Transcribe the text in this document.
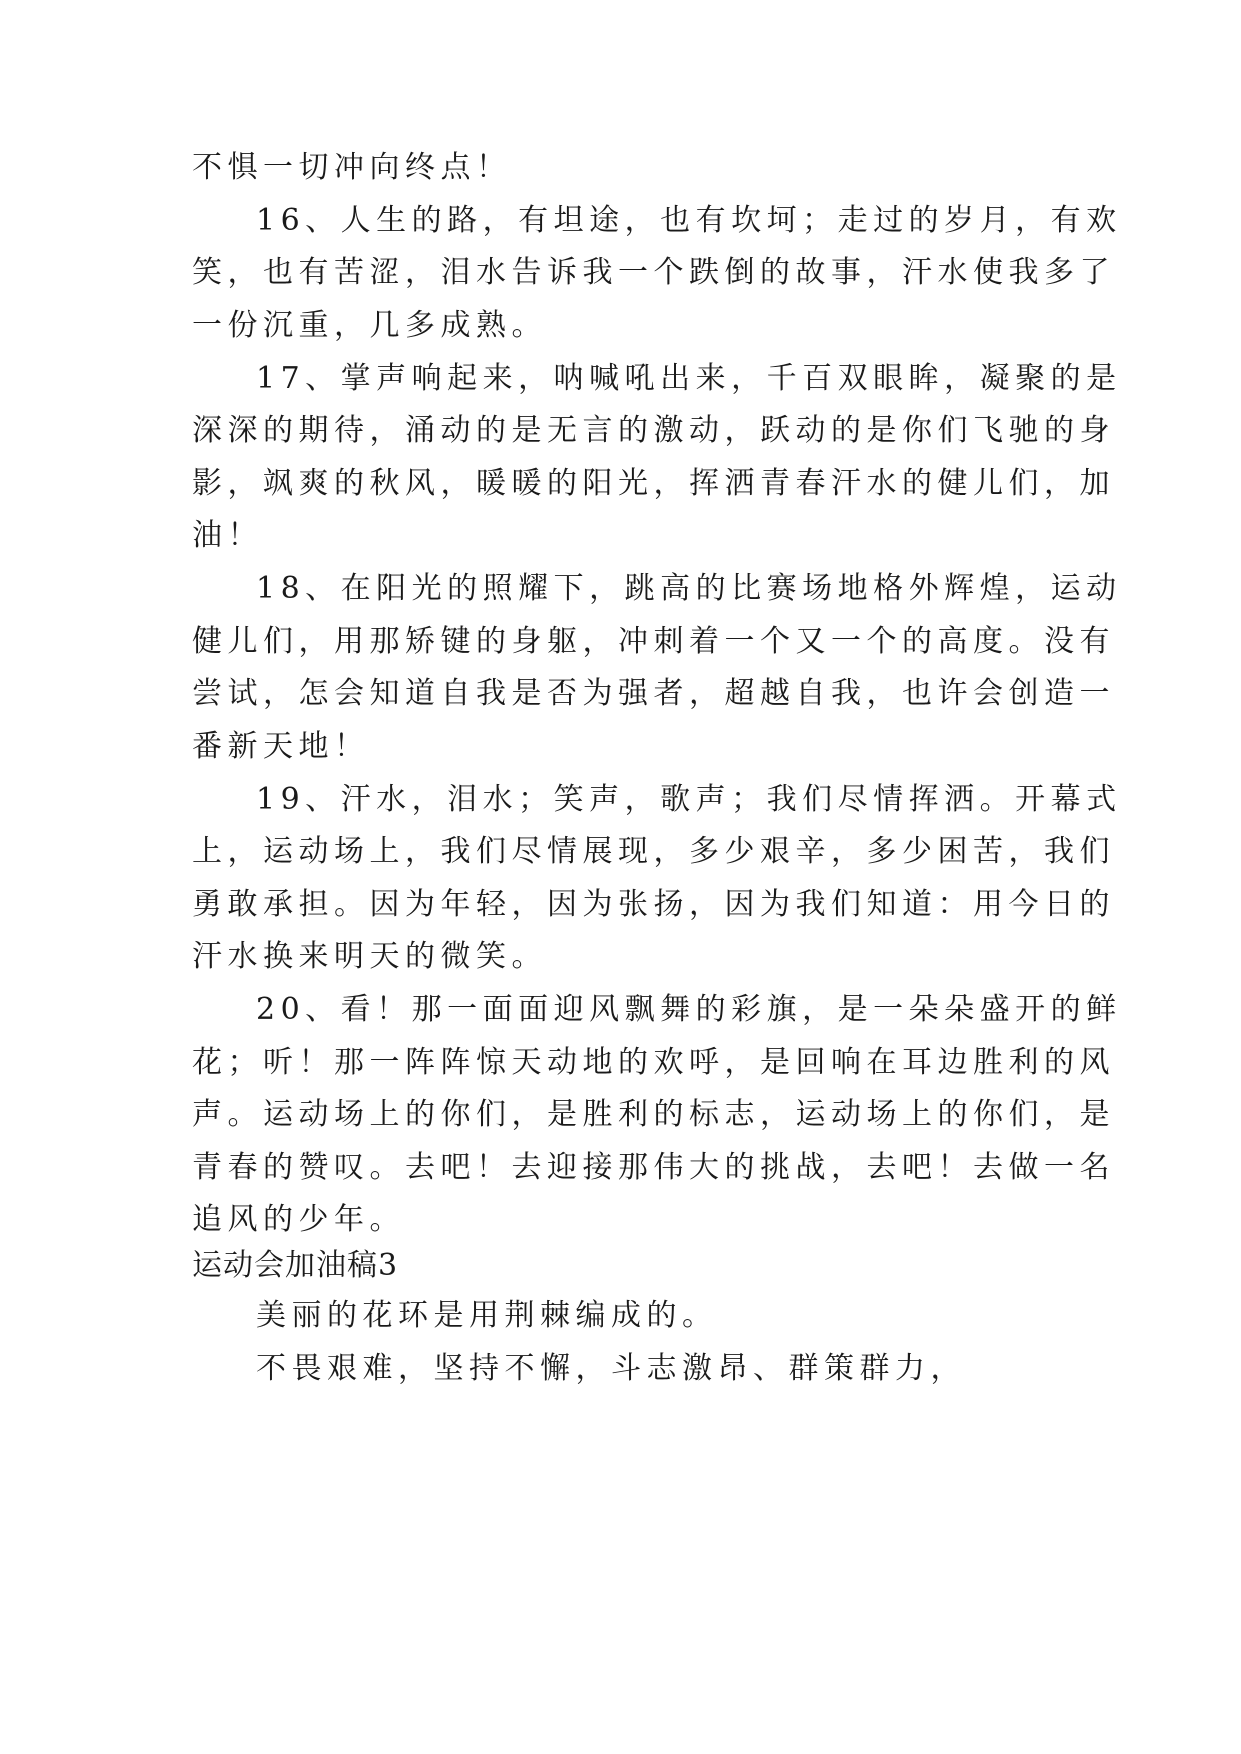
不惧一切冲向终点！
16、人生的路，有坦途，也有坎坷；走过的岁月，有欢
笑，也有苦涩，泪水告诉我一个跌倒的故事，汗水使我多了
一份沉重，几多成熟。
17、掌声响起来，呐喊吼出来，千百双眼眸，凝聚的是
深深的期待，涌动的是无言的激动，跃动的是你们飞驰的身
影，飒爽的秋风，暖暖的阳光，挥洒青春汗水的健儿们，加
油！
18、在阳光的照耀下，跳高的比赛场地格外辉煌，运动
健儿们，用那矫键的身躯，冲刺着一个又一个的高度。没有
尝试，怎会知道自我是否为强者，超越自我，也许会创造一
番新天地！
19、汗水，泪水；笑声，歌声；我们尽情挥洒。开幕式
上，运动场上，我们尽情展现，多少艰辛，多少困苦，我们
勇敢承担。因为年轻，因为张扬，因为我们知道：用今日的
汗水换来明天的微笑。
20、看！那一面面迎风飘舞的彩旗，是一朵朵盛开的鲜
花；听！那一阵阵惊天动地的欢呼，是回响在耳边胜利的风
声。运动场上的你们，是胜利的标志，运动场上的你们，是
青春的赞叹。去吧！去迎接那伟大的挑战，去吧！去做一名
追风的少年。
运动会加油稿3
美丽的花环是用荆棘编成的。
不畏艰难，坚持不懈，斗志激昂、群策群力，
